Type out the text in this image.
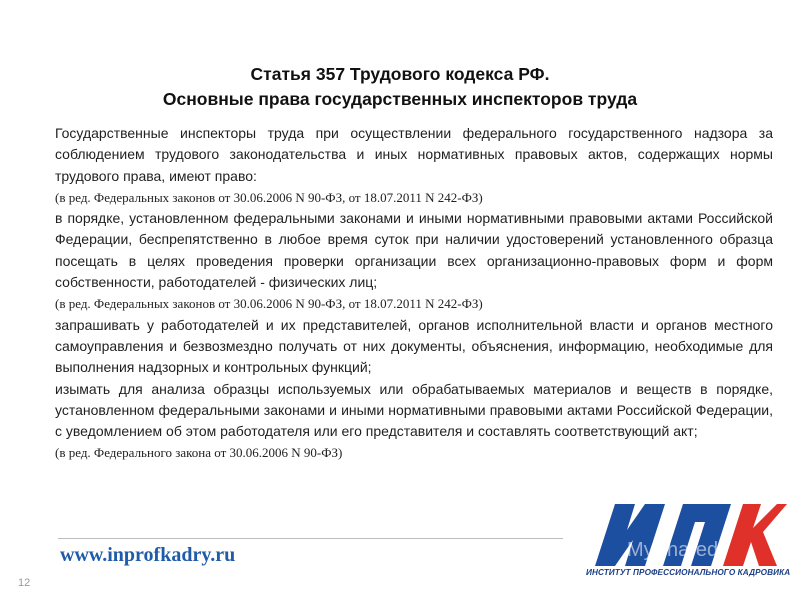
Статья 357 Трудового кодекса РФ.
Основные права государственных инспекторов труда

Государственные инспекторы труда при осуществлении федерального государственного надзора за соблюдением трудового законодательства и иных нормативных правовых актов, содержащих нормы трудового права, имеют право:

(в ред. Федеральных законов от 30.06.2006 N 90-ФЗ, от 18.07.2011 N 242-ФЗ)

в порядке, установленном федеральными законами и иными нормативными правовыми актами Российской Федерации, беспрепятственно в любое время суток при наличии удостоверений установленного образца посещать в целях проведения проверки организации всех организационно-правовых форм и форм собственности, работодателей - физических лиц;

(в ред. Федеральных законов от 30.06.2006 N 90-ФЗ, от 18.07.2011 N 242-ФЗ)

запрашивать у работодателей и их представителей, органов исполнительной власти и органов местного самоуправления и безвозмездно получать от них документы, объяснения, информацию, необходимые для выполнения надзорных и контрольных функций;

изымать для анализа образцы используемых или обрабатываемых материалов и веществ в порядке, установленном федеральными законами и иными нормативными правовыми актами Российской Федерации, с уведомлением об этом работодателя или его представителя и составлять соответствующий акт;

(в ред. Федерального закона от 30.06.2006 N 90-ФЗ)

www.inprofkadry.ru
12
MyShared
ИНСТИТУТ ПРОФЕССИОНАЛЬНОГО КАДРОВИКА
